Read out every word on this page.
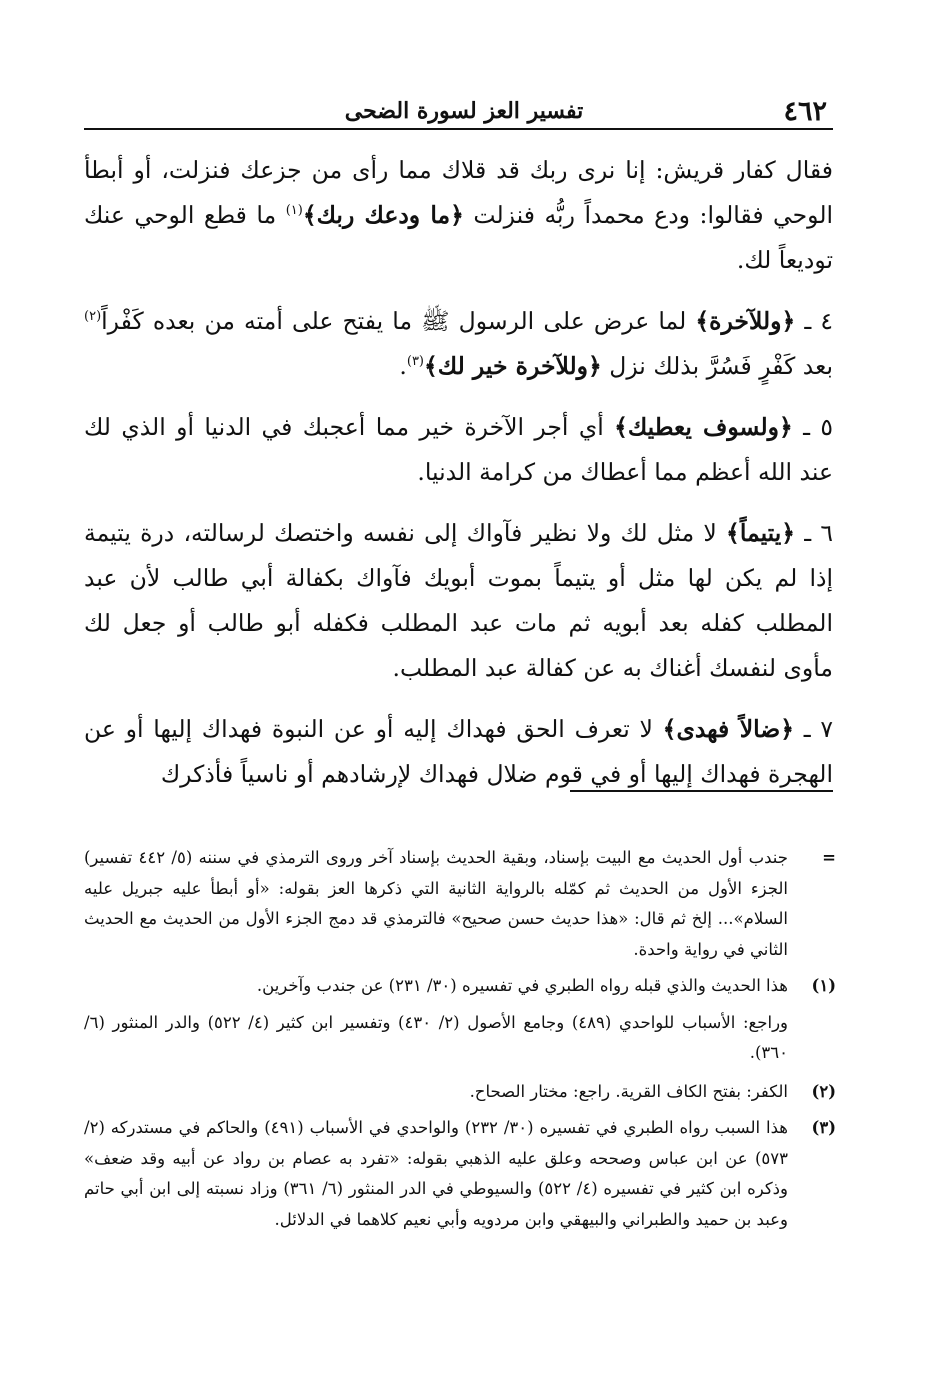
٤٦٢
تفسير العز لسورة الضحى

فقال كفار قريش: إنا نرى ربك قد قلاك مما رأى من جزعك فنزلت، أو أبطأ الوحي فقالوا: ودع محمداً ربُّه فنزلت ﴿ما ودعك ربك﴾$^{(١)}$ ما قطع الوحي عنك توديعاً لك.

٤ ـ ﴿وللآخرة﴾ لما عرض على الرسول ﷺ ما يفتح على أمته من بعده كَفْراً$^{(٢)}$ بعد كَفْرٍ فَسُرَّ بذلك نزل ﴿وللآخرة خير لك﴾$^{(٣)}$.

٥ ـ ﴿ولسوف يعطيك﴾ أي أجر الآخرة خير مما أعجبك في الدنيا أو الذي لك عند الله أعظم مما أعطاك من كرامة الدنيا.

٦ ـ ﴿يتيماً﴾ لا مثل لك ولا نظير فآواك إلى نفسه واختصك لرسالته، درة يتيمة إذا لم يكن لها مثل أو يتيماً بموت أبويك فآواك بكفالة أبي طالب لأن عبد المطلب كفله بعد أبويه ثم مات عبد المطلب فكفله أبو طالب أو جعل لك مأوى لنفسك أغناك به عن كفالة عبد المطلب.

٧ ـ ﴿ضالاً فهدى﴾ لا تعرف الحق فهداك إليه أو عن النبوة فهداك إليها أو عن الهجرة فهداك إليها أو في قوم ضلال فهداك لإرشادهم أو ناسياً فأذكرك

=
جندب أول الحديث مع البيت بإسناد، وبقية الحديث بإسناد آخر وروى الترمذي في سننه (٥/ ٤٤٢ تفسير) الجزء الأول من الحديث ثم كمّله بالرواية الثانية التي ذكرها العز بقوله: «أو أبطأ عليه جبريل عليه السلام»... إلخ ثم قال: «هذا حديث حسن صحيح» فالترمذي قد دمج الجزء الأول من الحديث مع الحديث الثاني في رواية واحدة.
(١)
هذا الحديث والذي قبله رواه الطبري في تفسيره (٣٠/ ٢٣١) عن جندب وآخرين.
وراجع: الأسباب للواحدي (٤٨٩) وجامع الأصول (٢/ ٤٣٠) وتفسير ابن كثير (٤/ ٥٢٢) والدر المنثور (٦/ ٣٦٠).
(٢)
الكفر: بفتح الكاف القرية. راجع: مختار الصحاح.
(٣)
هذا السبب رواه الطبري في تفسيره (٣٠/ ٢٣٢) والواحدي في الأسباب (٤٩١) والحاكم في مستدركه (٢/ ٥٧٣) عن ابن عباس وصححه وعلق عليه الذهبي بقوله: «تفرد به عصام بن رواد عن أبيه وقد ضعف» وذكره ابن كثير في تفسيره (٤/ ٥٢٢) والسيوطي في الدر المنثور (٦/ ٣٦١) وزاد نسبته إلى ابن أبي حاتم وعبد بن حميد والطبراني والبيهقي وابن مردويه وأبي نعيم كلاهما في الدلائل.
